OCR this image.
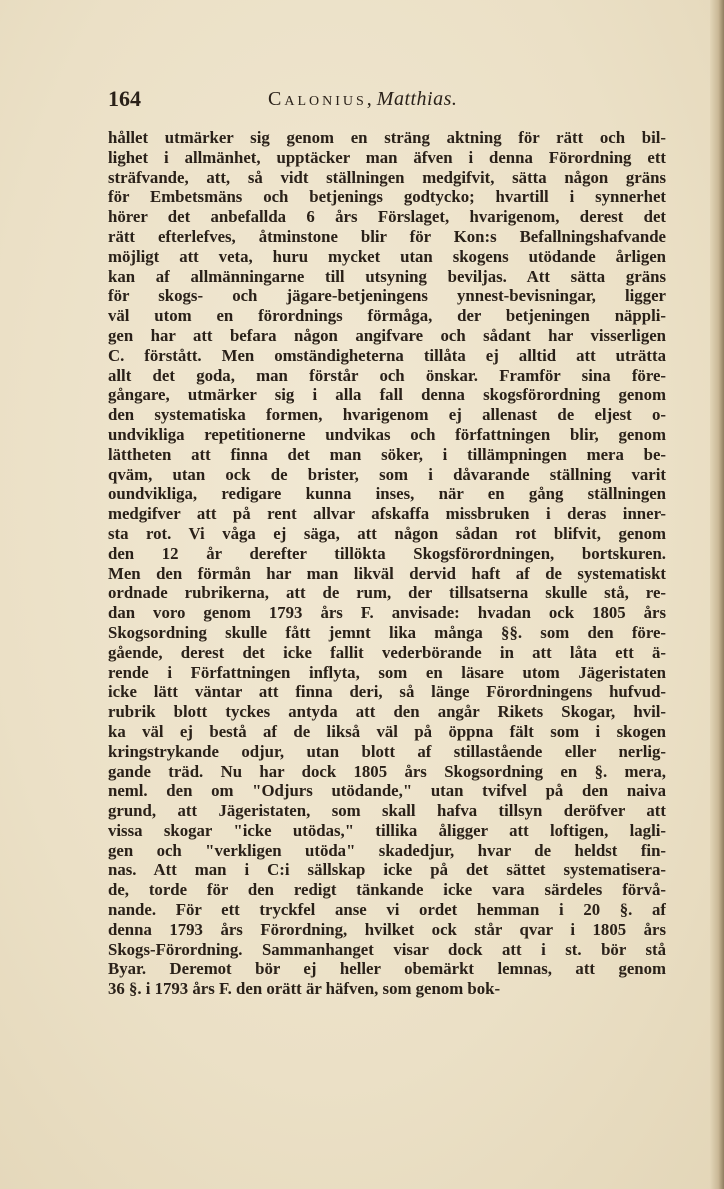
164	Calonius, Matthias.
hållet utmärker sig genom en sträng aktning för rätt och bil-
lighet i allmänhet, upptäcker man äfven i denna Förordning ett
sträfvande, att, så vidt ställningen medgifvit, sätta någon gräns
för Embetsmäns och betjenings godtycko; hvartill i synnerhet
hörer det anbefallda 6 års Förslaget, hvarigenom, derest det
rätt efterlefves, åtminstone blir för Kon:s Befallningshafvande
möjligt att veta, huru mycket utan skogens utödande årligen
kan af allmänningarne till utsyning beviljas. Att sätta gräns
för skogs- och jägare-betjeningens ynnest-bevisningar, ligger
väl utom en förordnings förmåga, der betjeningen näppli-
gen har att befara någon angifvare och sådant har visserligen
C. förstått. Men omständigheterna tillåta ej alltid att uträtta
allt det goda, man förstår och önskar. Framför sina före-
gångare, utmärker sig i alla fall denna skogsförordning genom
den systematiska formen, hvarigenom ej allenast de eljest o-
undvikliga repetitionerne undvikas och författningen blir, genom
lättheten att finna det man söker, i tillämpningen mera be-
qväm, utan ock de brister, som i dåvarande ställning varit
oundvikliga, redigare kunna inses, när en gång ställningen
medgifver att på rent allvar afskaffa missbruken i deras inner-
sta rot. Vi våga ej säga, att någon sådan rot blifvit, genom
den 12 år derefter tillökta Skogsförordningen, bortskuren.
Men den förmån har man likväl dervid haft af de systematiskt
ordnade rubrikerna, att de rum, der tillsatserna skulle stå, re-
dan voro genom 1793 års F. anvisade: hvadan ock 1805 års
Skogsordning skulle fått jemnt lika många §§. som den före-
gående, derest det icke fallit vederbörande in att låta ett ä-
rende i Författningen inflyta, som en läsare utom Jägeristaten
icke lätt väntar att finna deri, så länge Förordningens hufvud-
rubrik blott tyckes antyda att den angår Rikets Skogar, hvil-
ka väl ej bestå af de likså väl på öppna fält som i skogen
kringstrykande odjur, utan blott af stillastående eller nerlig-
gande träd. Nu har dock 1805 års Skogsordning en §. mera,
neml. den om "Odjurs utödande," utan tvifvel på den naiva
grund, att Jägeristaten, som skall hafva tillsyn deröfver att
vissa skogar "icke utödas," tillika åligger att loftigen, lagli-
gen och "verkligen utöda" skadedjur, hvar de heldst fin-
nas. Att man i C:i sällskap icke på det sättet systematisera-
de, torde för den redigt tänkande icke vara särdeles förvå-
nande. För ett tryckfel anse vi ordet hemman i 20 §. af
denna 1793 års Förordning, hvilket ock står qvar i 1805 års
Skogs-Förordning. Sammanhanget visar dock att i st. bör stå
Byar. Deremot bör ej heller obemärkt lemnas, att genom
36 §. i 1793 års F. den orätt är häfven, som genom bok-
